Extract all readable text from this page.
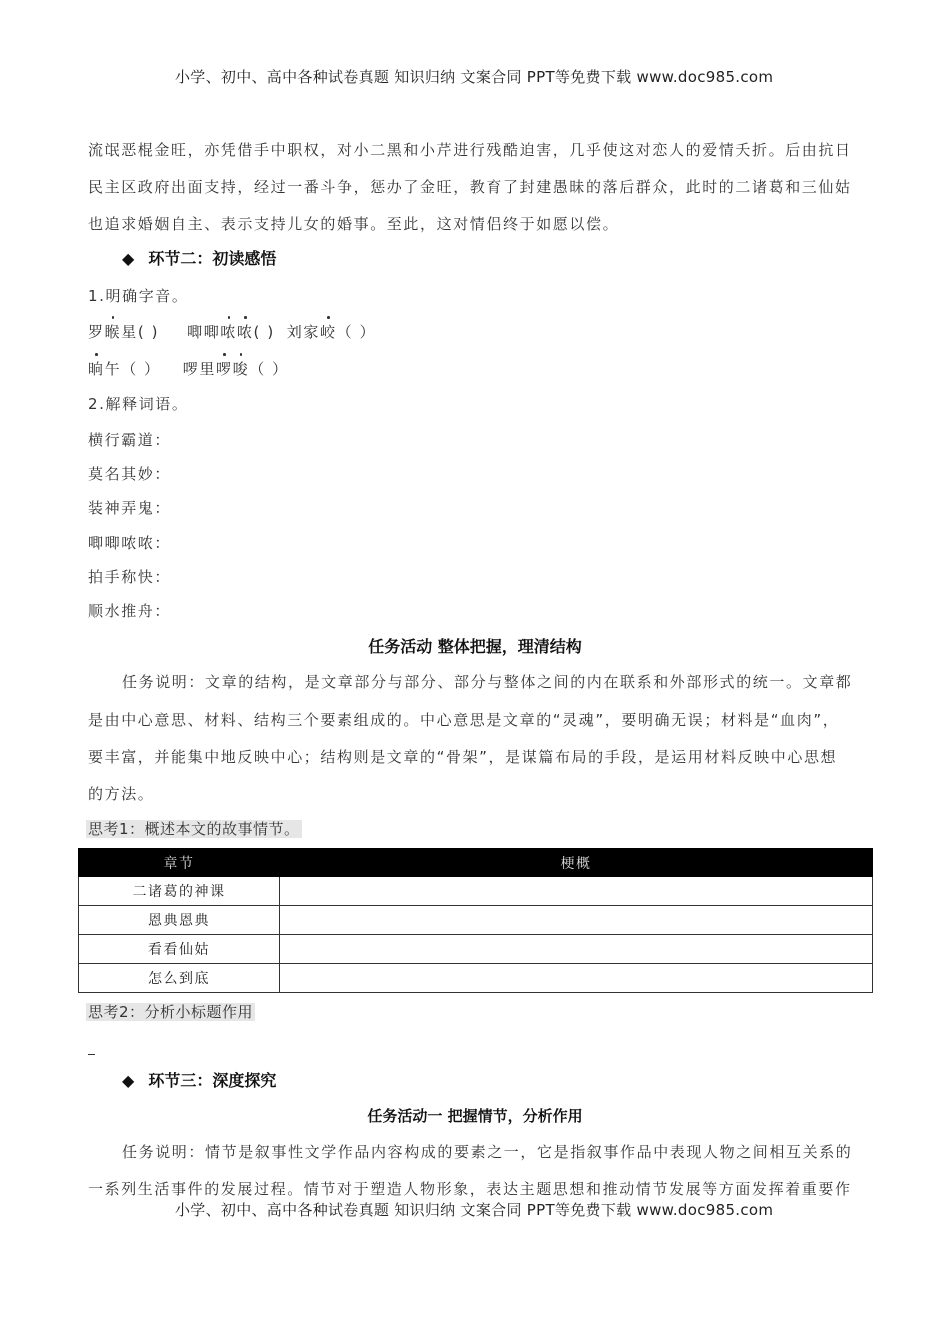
小学、初中、高中各种试卷真题 知识归纳 文案合同 PPT等免费下载 www.doc985.com
流氓恶棍金旺，亦凭借手中职权，对小二黑和小芹进行残酷迫害，几乎使这对恋人的爱情夭折。后由抗日
民主区政府出面支持，经过一番斗争，惩办了金旺，教育了封建愚昧的落后群众，此时的二诸葛和三仙姑
也追求婚姻自主、表示支持儿女的婚事。至此，这对情侣终于如愿以偿。
◆ 环节二：初读感悟
1.明确字音。
罗睺星( ) 唧唧哝哝( ) 刘家峧（ ）
晌午（ ） 啰里啰唆（ ）
2.解释词语。
横行霸道：
莫名其妙：
装神弄鬼：
唧唧哝哝：
拍手称快：
顺水推舟：
任务活动 整体把握，理清结构
任务说明：文章的结构，是文章部分与部分、部分与整体之间的内在联系和外部形式的统一。文章都
是由中心意思、材料、结构三个要素组成的。中心意思是文章的“灵魂”，要明确无误；材料是“血肉”，
要丰富，并能集中地反映中心；结构则是文章的“骨架”，是谋篇布局的手段，是运用材料反映中心思想
的方法。
思考1：概述本文的故事情节。
章节	梗概
二诸葛的神课	
恩典恩典	
看看仙姑	
怎么到底	
思考2：分析小标题作用
◆ 环节三：深度探究
任务活动一 把握情节，分析作用
任务说明：情节是叙事性文学作品内容构成的要素之一，它是指叙事作品中表现人物之间相互关系的
一系列生活事件的发展过程。情节对于塑造人物形象，表达主题思想和推动情节发展等方面发挥着重要作
小学、初中、高中各种试卷真题 知识归纳 文案合同 PPT等免费下载 www.doc985.com
